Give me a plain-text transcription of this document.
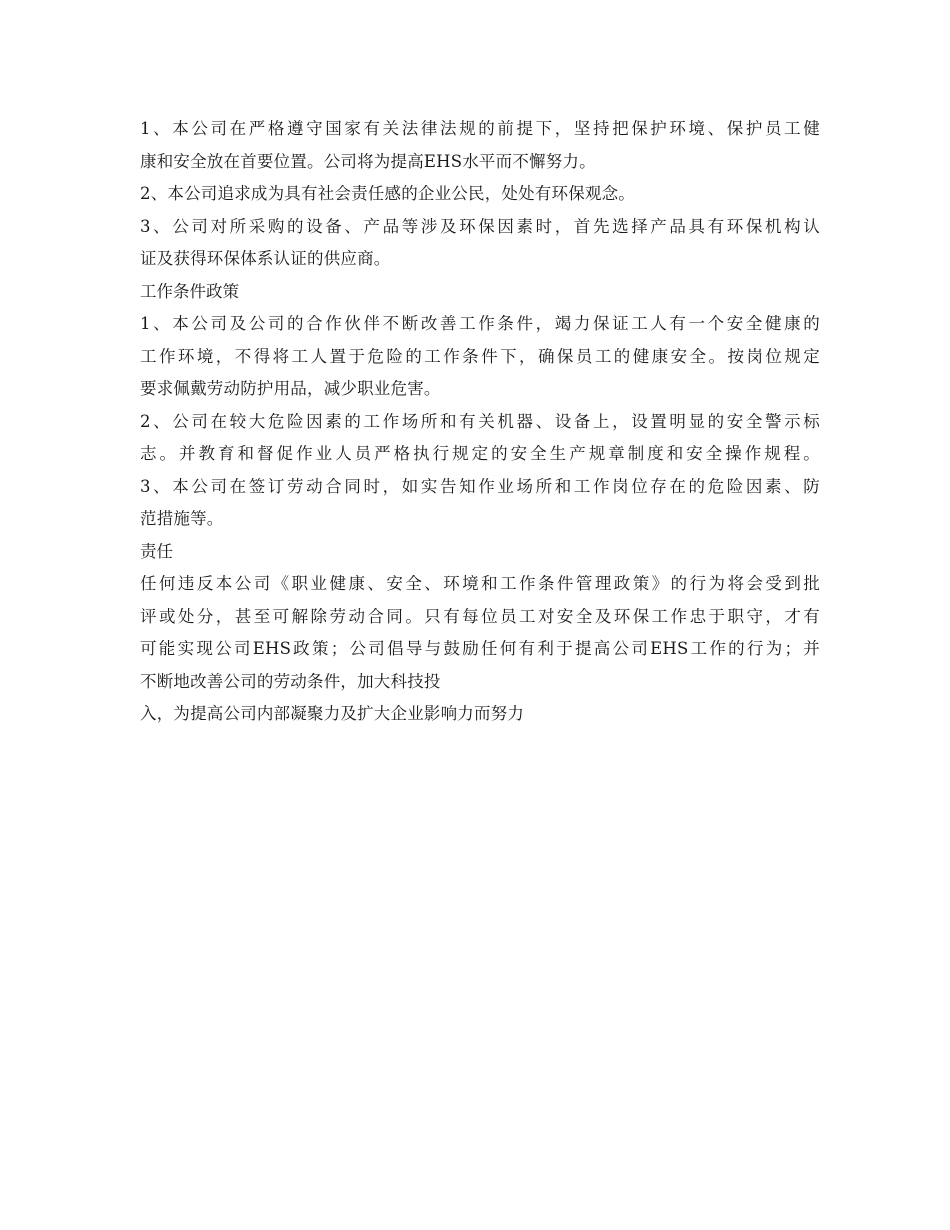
1、本公司在严格遵守国家有关法律法规的前提下，坚持把保护环境、保护员工健
康和安全放在首要位置。公司将为提高EHS水平而不懈努力。
2、本公司追求成为具有社会责任感的企业公民，处处有环保观念。
3、公司对所采购的设备、产品等涉及环保因素时，首先选择产品具有环保机构认
证及获得环保体系认证的供应商。
工作条件政策
1、本公司及公司的合作伙伴不断改善工作条件，竭力保证工人有一个安全健康的
工作环境，不得将工人置于危险的工作条件下，确保员工的健康安全。按岗位规定
要求佩戴劳动防护用品，减少职业危害。
2、公司在较大危险因素的工作场所和有关机器、设备上，设置明显的安全警示标
志。并教育和督促作业人员严格执行规定的安全生产规章制度和安全操作规程。
3、本公司在签订劳动合同时，如实告知作业场所和工作岗位存在的危险因素、防
范措施等。
责任
任何违反本公司《职业健康、安全、环境和工作条件管理政策》的行为将会受到批
评或处分，甚至可解除劳动合同。只有每位员工对安全及环保工作忠于职守，才有
可能实现公司EHS政策；公司倡导与鼓励任何有利于提高公司EHS工作的行为；并
不断地改善公司的劳动条件，加大科技投
入，为提高公司内部凝聚力及扩大企业影响力而努力
